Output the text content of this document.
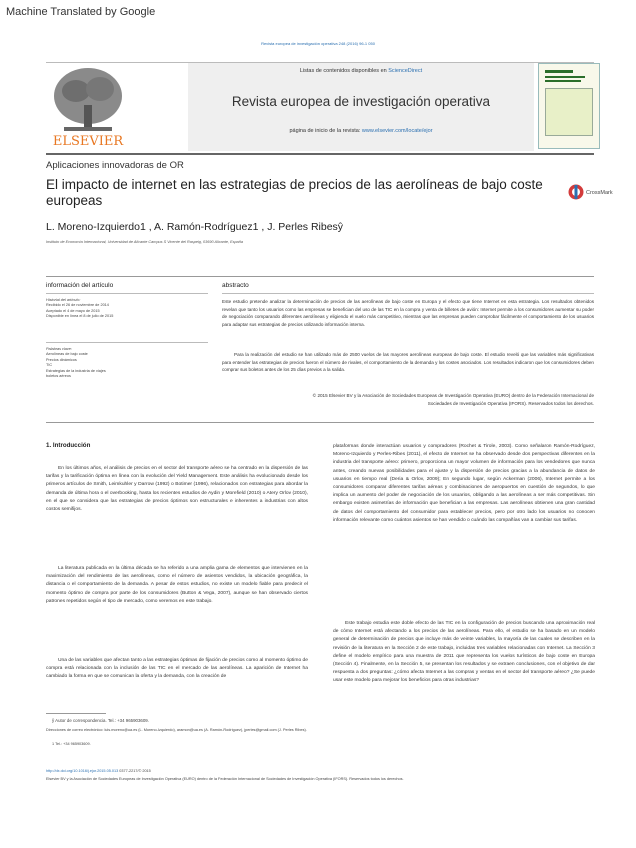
Machine Translated by Google
Revista europea de investigación operativa 248 (2016) 96-1 050
ELSEVIER
Listas de contenidos disponibles en ScienceDirect
Revista europea de investigación operativa
página de inicio de la revista: www.elsevier.com/locate/ejor
Aplicaciones innovadoras de OR
El impacto de internet en las estrategias de precios de las aerolíneas de bajo coste europeas	CrossMark
L. Moreno-Izquierdo1 , A. Ramón-Rodríguez1 , J. Perles Ribesŷ
Instituto de Economía Internacional, Universidad de Alicante Campus S Vicente del Raspeig, 03690 Alicante, España
información del artículo
Historial del artículo:
Recibido el 26 de noviembre de 2014
Aceptado el 4 de mayo de 2015
Disponible en línea el 8 de julio de 2015
Palabras clave:
Aerolíneas de bajo coste
Precios dinámicos
TIC
Estrategias de la industria de viajes
boletos aéreos
abstracto
Este estudio pretende analizar la determinación de precios de las aerolíneas de bajo coste en Europa y el efecto que tiene Internet en esta estrategia. Los resultados obtenidos revelan que tanto los usuarios como las empresas se benefician del uso de las TIC en la compra y venta de billetes de avión: Internet permite a los consumidores aumentar su poder de negociación comparando diferentes aerolíneas y eligiendo el vuelo más competitivo, mientras que las empresas pueden comprobar fácilmente el comportamiento de los usuarios para adaptar sus estrategias de precios utilizando información interna.
Para la realización del estudio se han utilizado más de 2500 vuelos de las mayores aerolíneas europeas de bajo coste. El estudio reveló que las variables más significativas para entender las estrategias de precios fueron el número de rivales, el comportamiento de la demanda y los costes asociados. Los resultados indicaron que los consumidores deben comprar sus boletos antes de los 25 días previos a la salida.
© 2015 Elsevier BV y la Asociación de Sociedades Europeas de Investigación Operativa (EURO) dentro de la Federación Internacional de Sociedades de Investigación Operativa (IFORS). Reservados todos los derechos.
1. Introducción
En los últimos años, el análisis de precios en el sector del transporte aéreo se ha centrado en la dispersión de las tarifas y la tarificación óptima en línea con la evolución del Yield Management. Este análisis ha evolucionado desde los primeros artículos de Smith, Leimkuhler y Darrow (1992) o Botimer (1996), relacionados con estrategias para abordar la demanda de última hora o el overbooking, hasta los recientes estudios de Aydin y Morefield (2010) o Atery Orlov (2010), en el que se considera que las estrategias de precios óptimos son estructurales e inherentes a industrias con altos costos semifijos.
La literatura publicada en la última década se ha referido a una amplia gama de elementos que intervienen en la maximización del rendimiento de las aerolíneas, como el número de asientos vendidos, la ubicación geográfica, la distancia o el comportamiento de la demanda. A pesar de estos estudios, no existe un modelo fiable para predecir el momento óptimo de compra por parte de los consumidores (Button & Vega, 2007), aunque se han observado ciertos patrones repetidos según el tipo de mercado, como veremos en este trabajo.
Una de las variables que afectan tanto a las estrategias óptimas de fijación de precios como al momento óptimo de compra está relacionada con la inclusión de las TIC en el mercado de las aerolíneas. La aparición de Internet ha cambiado la forma en que se comunican la oferta y la demanda, con la creación de
ŷ Autor de correspondencia. Tel.: +34 965903609.
Direcciones de correo electrónico: luis.moreno@ua.es (L. Moreno-Izquierdo), aramon@ua.es (A. Ramón-Rodríguez), jperles@gmail.com (J. Perles Ribes).
1 Tel.: +34 965903609.
plataformas donde interactúan usuarios y compradores (Rochet & Tirole, 2003). Como señalaron Ramón-Rodríguez, Moreno-Izquierdo y Perles-Ribes (2011), el efecto de Internet se ha observado desde dos perspectivas diferentes en la industria del transporte aéreo: primero, proporciona un mayor volumen de información para los vendedores que nunca antes, creando nuevas posibilidades para el ajuste y la dispersión de precios gracias a la abundancia de datos de usuarios en tiempo real (Deria & Orlov, 2009); En segundo lugar, según Ackerman (2006), Internet permite a los consumidores comparar diferentes tarifas aéreas y combinaciones de aeropuertos en cuestión de segundos, lo que implica un aumento del poder de negociación de los usuarios, obligando a las aerolíneas a ser más competitivas. Sin embargo existen asimetrías de información que benefician a las empresas. Las aerolíneas obtienen una gran cantidad de datos del comportamiento del consumidor para establecer precios, pero por otro lado los usuarios no conocen información relevante como cuántos asientos se han vendido o cuándo las compañías van a cambiar sus tarifas.
Este trabajo estudia este doble efecto de las TIC en la configuración de precios buscando una aproximación real de cómo Internet está afectando a los precios de las aerolíneas. Para ello, el estudio se ha basado en un modelo general de determinación de precios que incluye más de veinte variables, la mayoría de las cuales se describen en la revisión de la literatura en la Sección 2 de este trabajo, incluidas tres variables relacionadas con Internet. La Sección 3 define el modelo empírico para una muestra de 2011 que representa los vuelos turísticos de bajo coste en Europa (Sección 4). Finalmente, en la Sección 5, se presentan los resultados y se extraen conclusiones, con el objetivo de dar respuesta a dos preguntas: ¿cómo afecta Internet a las compras y ventas en el sector del transporte aéreo? ¿Se puede usar este modelo para mejorar los beneficios para otras industrias?
http://dx.doi.org/10.1016/j.ejor.2015.05.013 0377-2217/© 2015
Elsevier BV y la Asociación de Sociedades Europeas de Investigación Operativa (EURO) dentro de la Federación Internacional de Sociedades de Investigación Operativa (IFORS). Reservados todos los derechos.
